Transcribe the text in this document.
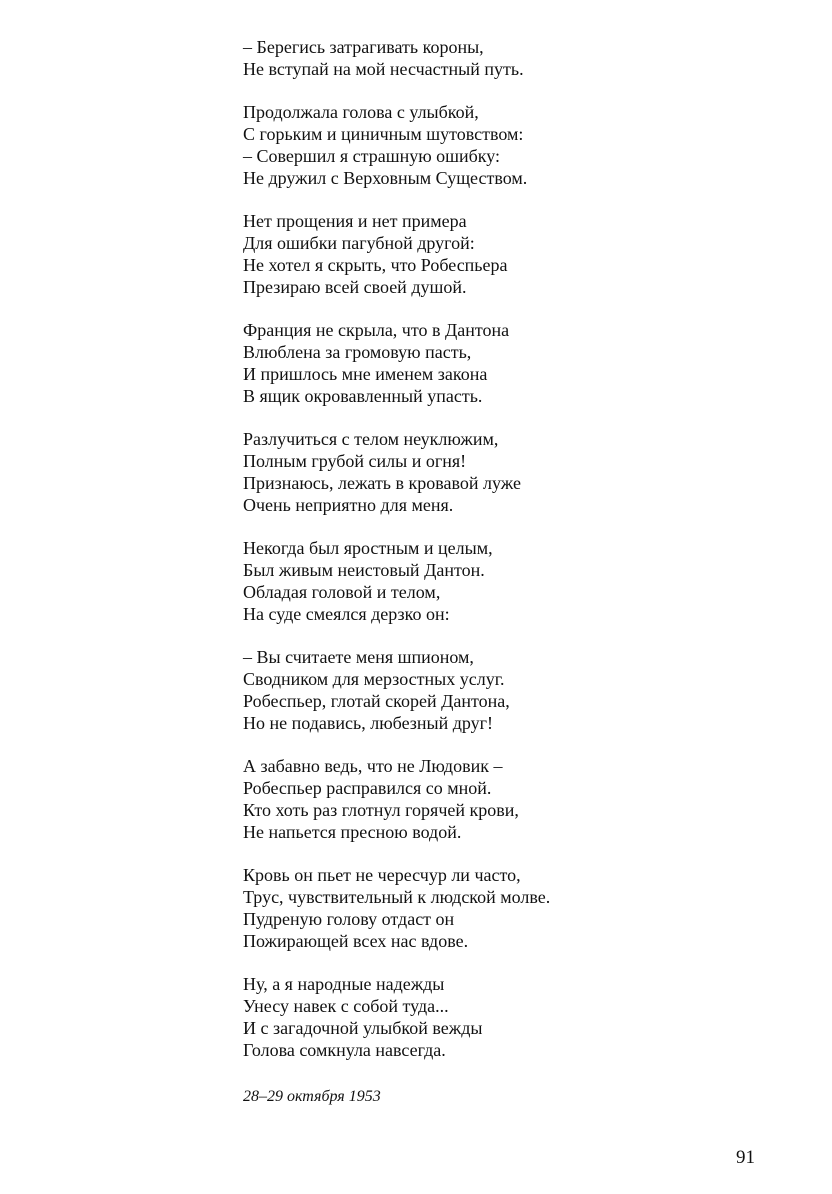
– Берегись затрагивать короны,
Не вступай на мой несчастный путь.
Продолжала голова с улыбкой,
С горьким и циничным шутовством:
– Совершил я страшную ошибку:
Не дружил с Верховным Существом.
Нет прощения и нет примера
Для ошибки пагубной другой:
Не хотел я скрыть, что Робеспьера
Презираю всей своей душой.
Франция не скрыла, что в Дантона
Влюблена за громовую пасть,
И пришлось мне именем закона
В ящик окровавленный упасть.
Разлучиться с телом неуклюжим,
Полным грубой силы и огня!
Признаюсь, лежать в кровавой луже
Очень неприятно для меня.
Некогда был яростным и целым,
Был живым неистовый Дантон.
Обладая головой и телом,
На суде смеялся дерзко он:
– Вы считаете меня шпионом,
Сводником для мерзостных услуг.
Робеспьер, глотай скорей Дантона,
Но не подавись, любезный друг!
А забавно ведь, что не Людовик –
Робеспьер расправился со мной.
Кто хоть раз глотнул горячей крови,
Не напьется пресною водой.
Кровь он пьет не чересчур ли часто,
Трус, чувствительный к людской молве.
Пудреную голову отдаст он
Пожирающей всех нас вдове.
Ну, а я народные надежды
Унесу навек с собой туда...
И с загадочной улыбкой вежды
Голова сомкнула навсегда.
28–29 октября 1953
91
